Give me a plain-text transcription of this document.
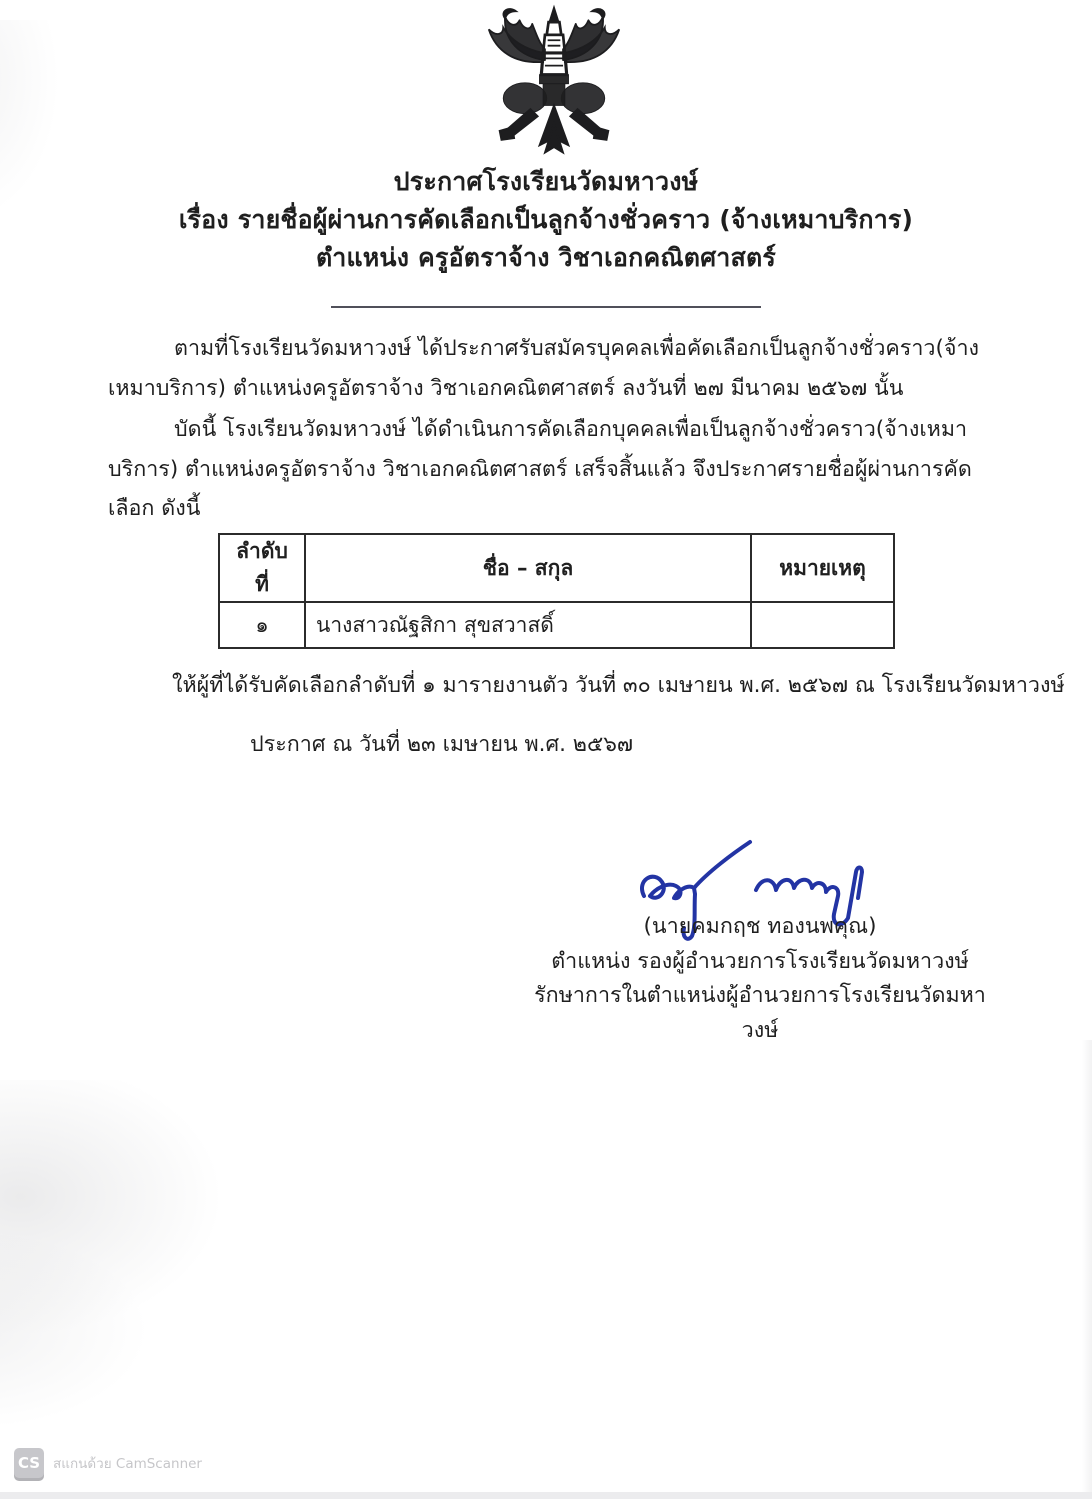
ประกาศโรงเรียนวัดมหาวงษ์
เรื่อง รายชื่อผู้ผ่านการคัดเลือกเป็นลูกจ้างชั่วคราว (จ้างเหมาบริการ)
ตำแหน่ง ครูอัตราจ้าง วิชาเอกคณิตศาสตร์
ตามที่โรงเรียนวัดมหาวงษ์ ได้ประกาศรับสมัครบุคคลเพื่อคัดเลือกเป็นลูกจ้างชั่วคราว(จ้างเหมาบริการ) ตำแหน่งครูอัตราจ้าง วิชาเอกคณิตศาสตร์ ลงวันที่ ๒๗ มีนาคม ๒๕๖๗ นั้น
บัดนี้ โรงเรียนวัดมหาวงษ์ ได้ดำเนินการคัดเลือกบุคคลเพื่อเป็นลูกจ้างชั่วคราว(จ้างเหมาบริการ) ตำแหน่งครูอัตราจ้าง วิชาเอกคณิตศาสตร์ เสร็จสิ้นแล้ว จึงประกาศรายชื่อผู้ผ่านการคัดเลือก ดังนี้
ลำดับที่	ชื่อ – สกุล	หมายเหตุ
๑	นางสาวณัฐสิกา สุขสวาสดิ์	
ให้ผู้ที่ได้รับคัดเลือกลำดับที่ ๑ มารายงานตัว วันที่ ๓๐ เมษายน พ.ศ. ๒๕๖๗ ณ โรงเรียนวัดมหาวงษ์
ประกาศ ณ วันที่ ๒๓ เมษายน พ.ศ. ๒๕๖๗
(นายคมกฤช ทองนพคุณ)
ตำแหน่ง รองผู้อำนวยการโรงเรียนวัดมหาวงษ์
รักษาการในตำแหน่งผู้อำนวยการโรงเรียนวัดมหาวงษ์
CS สแกนด้วย CamScanner
